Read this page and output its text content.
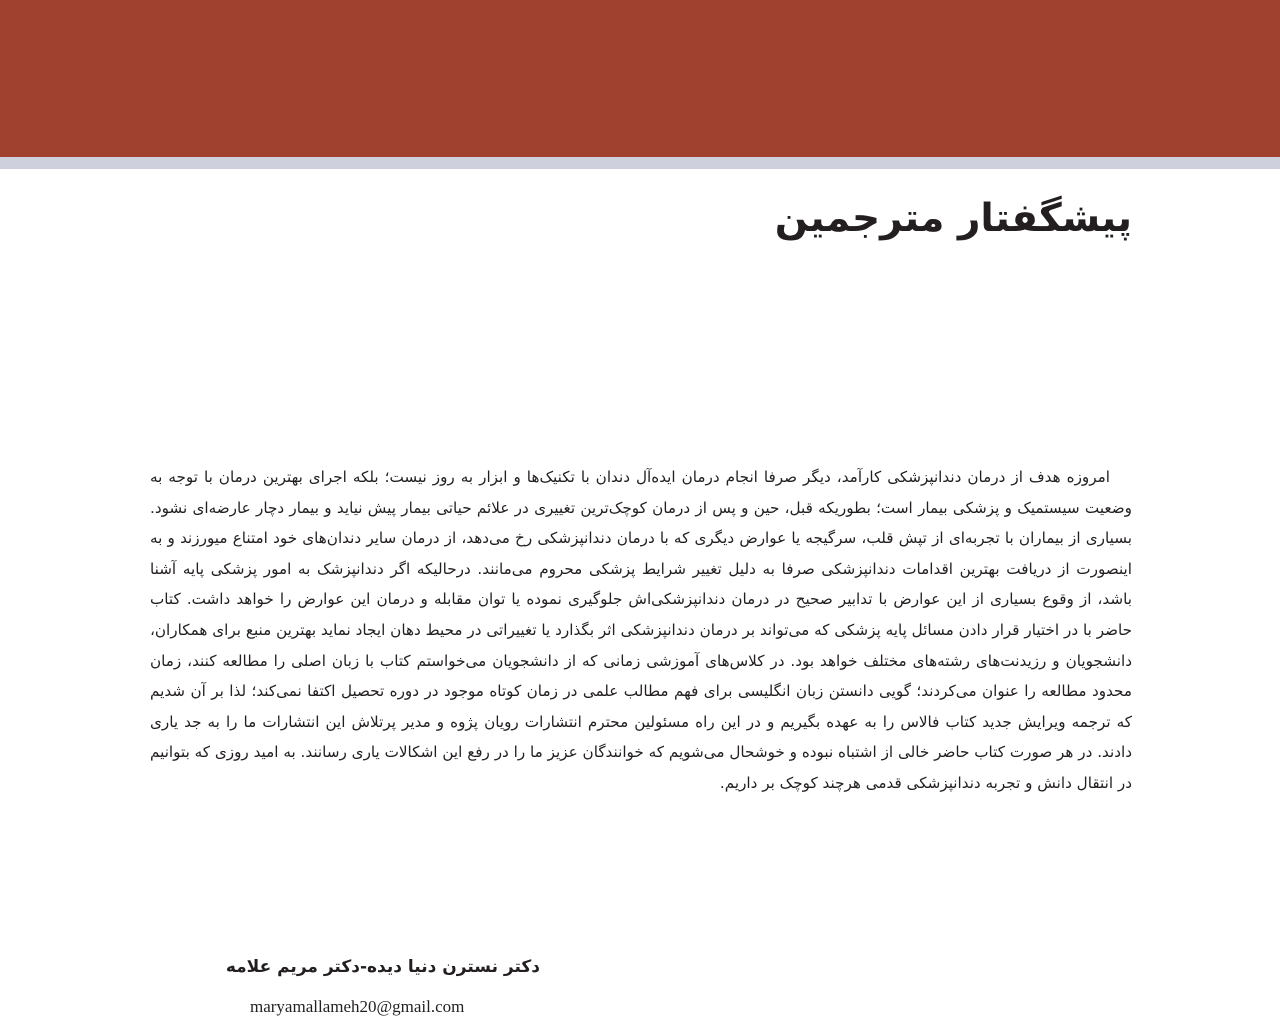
پیشگفتار مترجمین

امروزه هدف از درمان دندانپزشکی کارآمد، دیگر صرفا انجام درمان ایده‌آل دندان با تکنیک‌ها و ابزار به روز نیست؛ بلکه اجرای بهترین درمان با توجه به وضعیت سیستمیک و پزشکی بیمار است؛ بطوریکه قبل، حین و پس از درمان کوچک‌ترین تغییری در علائم حیاتی بیمار پیش نیاید و بیمار دچار عارضه‌ای نشود. بسیاری از بیماران با تجربه‌ای از تپش قلب، سرگیجه یا عوارض دیگری که با درمان دندانپزشکی رخ می‌دهد، از درمان سایر دندان‌های خود امتناع میورزند و به اینصورت از دریافت بهترین اقدامات دندانپزشکی صرفا به دلیل تغییر شرایط پزشکی محروم می‌مانند. درحالیکه اگر دندانپزشک به امور پزشکی پایه آشنا باشد، از وقوع بسیاری از این عوارض با تدابیر صحیح در درمان دندانپزشکی‌اش جلوگیری نموده یا توان مقابله و درمان این عوارض را خواهد داشت. کتاب حاضر با در اختیار قرار دادن مسائل پایه پزشکی که می‌تواند بر درمان دندانپزشکی اثر بگذارد یا تغییراتی در محیط دهان ایجاد نماید بهترین منبع برای همکاران، دانشجویان و رزیدنت‌های رشته‌های مختلف خواهد بود. در کلاس‌های آموزشی زمانی که از دانشجویان می‌خواستم کتاب با زبان اصلی را مطالعه کنند، زمان محدود مطالعه را عنوان می‌کردند؛ گویی دانستن زبان انگلیسی برای فهم مطالب علمی در زمان کوتاه موجود در دوره تحصیل اکتفا نمی‌کند؛ لذا بر آن شدیم که ترجمه ویرایش جدید کتاب فالاس را به عهده بگیریم و در این راه مسئولین محترم انتشارات رویان پژوه و مدیر پرتلاش این انتشارات ما را به جد یاری دادند. در هر صورت کتاب حاضر خالی از اشتباه نبوده و خوشحال می‌شویم که خوانندگان عزیز ما را در رفع این اشکالات یاری رسانند. به امید روزی که بتوانیم در انتقال دانش و تجربه دندانپزشکی قدمی هرچند کوچک بر داریم.

دکتر نسترن دنیا دیده-دکتر مریم علامه
maryamallameh20@gmail.com
